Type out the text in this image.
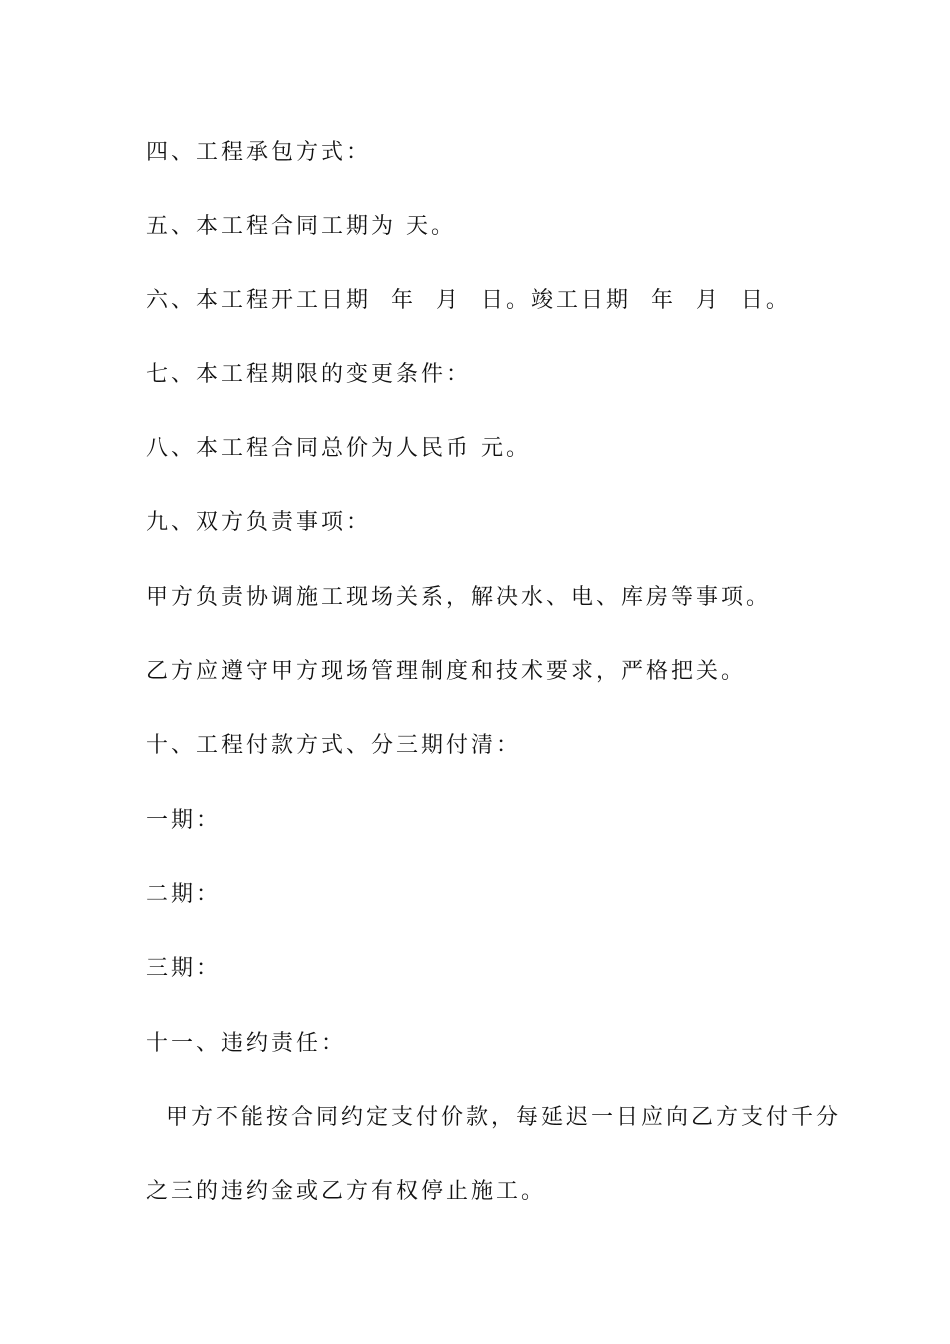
四、工程承包方式：

五、本工程合同工期为 天。

六、本工程开工日期  年  月  日。竣工日期  年  月  日。

七、本工程期限的变更条件：

八、本工程合同总价为人民币 元。

九、双方负责事项：

甲方负责协调施工现场关系，解决水、电、库房等事项。

乙方应遵守甲方现场管理制度和技术要求，严格把关。

十、工程付款方式、分三期付清：

一期：

二期：

三期：

十一、违约责任：

甲方不能按合同约定支付价款，每延迟一日应向乙方支付千分

之三的违约金或乙方有权停止施工。
